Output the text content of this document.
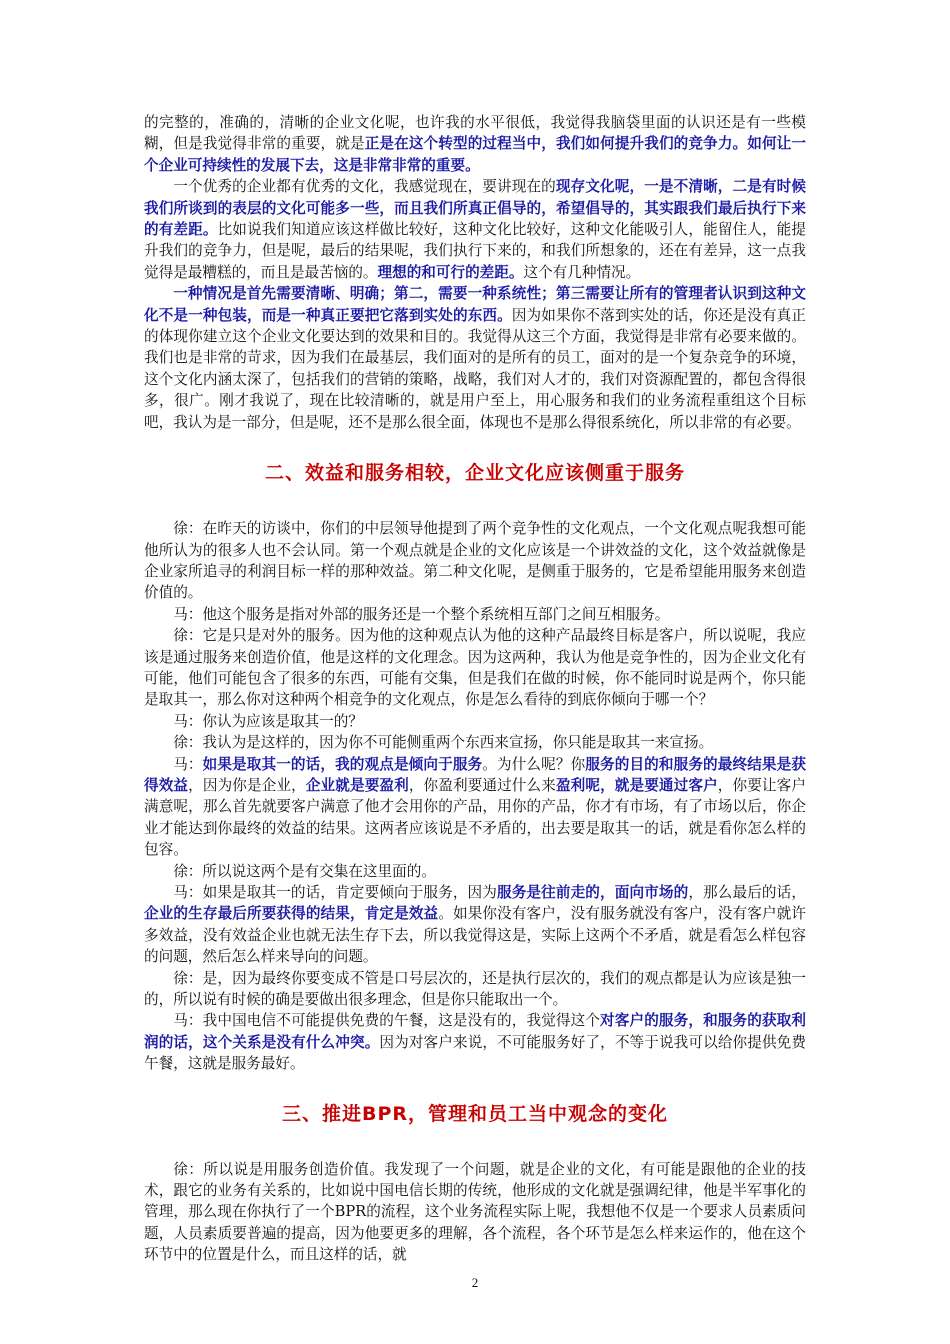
的完整的，准确的，清晰的企业文化呢，也许我的水平很低，我觉得我脑袋里面的认识还是有一些模糊，但是我觉得非常的重要，就是正是在这个转型的过程当中，我们如何提升我们的竞争力。如何让一个企业可持续性的发展下去，这是非常非常的重要。

一个优秀的企业都有优秀的文化，我感觉现在，要讲现在的现存文化呢，一是不清晰，二是有时候我们所谈到的表层的文化可能多一些，而且我们所真正倡导的，希望倡导的，其实跟我们最后执行下来的有差距。比如说我们知道应该这样做比较好，这种文化比较好，这种文化能吸引人，能留住人，能提升我们的竞争力，但是呢，最后的结果呢，我们执行下来的，和我们所想象的，还在有差异，这一点我觉得是最糟糕的，而且是最苦恼的。理想的和可行的差距。这个有几种情况。

一种情况是首先需要清晰、明确；第二，需要一种系统性；第三需要让所有的管理者认识到这种文化不是一种包装，而是一种真正要把它落到实处的东西。因为如果你不落到实处的话，你还是没有真正的体现你建立这个企业文化要达到的效果和目的。我觉得从这三个方面，我觉得是非常有必要来做的。我们也是非常的苛求，因为我们在最基层，我们面对的是所有的员工，面对的是一个复杂竞争的环境，这个文化内涵太深了，包括我们的营销的策略，战略，我们对人才的，我们对资源配置的，都包含得很多，很广。刚才我说了，现在比较清晰的，就是用户至上，用心服务和我们的业务流程重组这个目标吧，我认为是一部分，但是呢，还不是那么很全面，体现也不是那么得很系统化，所以非常的有必要。

二、效益和服务相较，企业文化应该侧重于服务

徐：在昨天的访谈中，你们的中层领导他提到了两个竞争性的文化观点，一个文化观点呢我想可能他所认为的很多人也不会认同。第一个观点就是企业的文化应该是一个讲效益的文化，这个效益就像是企业家所追寻的利润目标一样的那种效益。第二种文化呢，是侧重于服务的，它是希望能用服务来创造价值的。

马：他这个服务是指对外部的服务还是一个整个系统相互部门之间互相服务。

徐：它是只是对外的服务。因为他的这种观点认为他的这种产品最终目标是客户，所以说呢，我应该是通过服务来创造价值，他是这样的文化理念。因为这两种，我认为他是竞争性的，因为企业文化有可能，他们可能包含了很多的东西，可能有交集，但是我们在做的时候，你不能同时说是两个，你只能是取其一，那么你对这种两个相竞争的文化观点，你是怎么看待的到底你倾向于哪一个？

马：你认为应该是取其一的？

徐：我认为是这样的，因为你不可能侧重两个东西来宣扬，你只能是取其一来宣扬。

马：如果是取其一的话，我的观点是倾向于服务。为什么呢？你服务的目的和服务的最终结果是获得效益，因为你是企业，企业就是要盈利，你盈利要通过什么来盈利呢，就是要通过客户，你要让客户满意呢，那么首先就要客户满意了他才会用你的产品，用你的产品，你才有市场，有了市场以后，你企业才能达到你最终的效益的结果。这两者应该说是不矛盾的，出去要是取其一的话，就是看你怎么样的包容。

徐：所以说这两个是有交集在这里面的。

马：如果是取其一的话，肯定要倾向于服务，因为服务是往前走的，面向市场的，那么最后的话，企业的生存最后所要获得的结果，肯定是效益。如果你没有客户，没有服务就没有客户，没有客户就许多效益，没有效益企业也就无法生存下去，所以我觉得这是，实际上这两个不矛盾，就是看怎么样包容的问题，然后怎么样来导向的问题。

徐：是，因为最终你要变成不管是口号层次的，还是执行层次的，我们的观点都是认为应该是独一的，所以说有时候的确是要做出很多理念，但是你只能取出一个。

马：我中国电信不可能提供免费的午餐，这是没有的，我觉得这个对客户的服务，和服务的获取利润的话，这个关系是没有什么冲突。因为对客户来说，不可能服务好了，不等于说我可以给你提供免费午餐，这就是服务最好。

三、推进BPR，管理和员工当中观念的变化

徐：所以说是用服务创造价值。我发现了一个问题，就是企业的文化，有可能是跟他的企业的技术，跟它的业务有关系的，比如说中国电信长期的传统，他形成的文化就是强调纪律，他是半军事化的管理，那么现在你执行了一个BPR的流程，这个业务流程实际上呢，我想他不仅是一个要求人员素质问题，人员素质要普遍的提高，因为他要更多的理解，各个流程，各个环节是怎么样来运作的，他在这个环节中的位置是什么，而且这样的话，就

2
